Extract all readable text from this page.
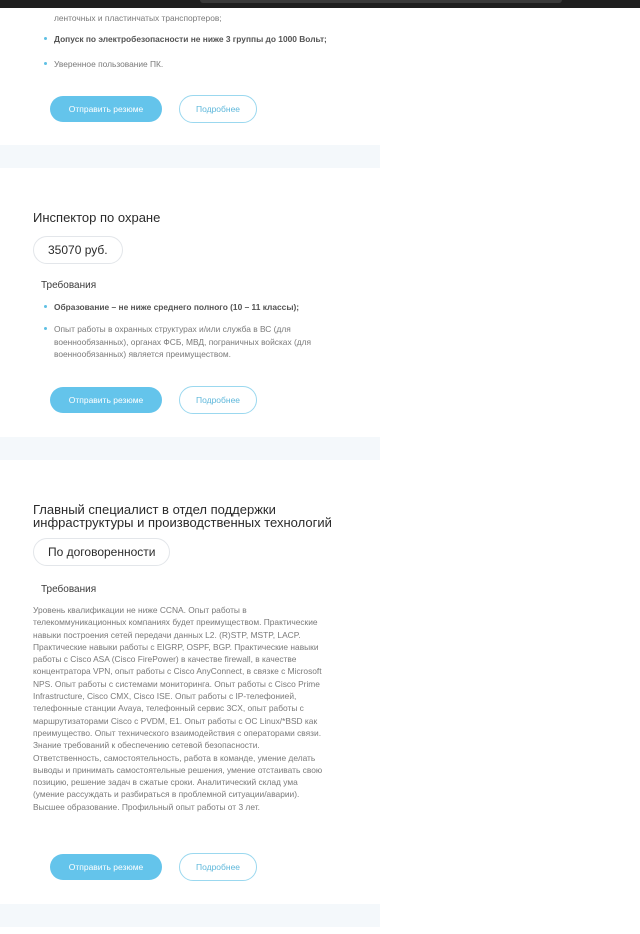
ленточных и пластинчатых транспортеров;
Допуск по электробезопасности не ниже 3 группы до 1000 Вольт;
Уверенное пользование ПК.
Отправить резюме	Подробнее
Инспектор по охране
35070 руб.
Требования
Образование – не ниже среднего полного (10 – 11 классы);
Опыт работы в охранных структурах и/или служба в ВС (для военнообязанных), органах ФСБ, МВД, пограничных войсках (для военнообязанных) является преимуществом.
Отправить резюме	Подробнее
Главный специалист в отдел поддержки инфраструктуры и производственных технологий
По договоренности
Требования

Уровень квалификации не ниже CCNA. Опыт работы в телекоммуникационных компаниях будет преимуществом. Практические навыки построения сетей передачи данных L2. (R)STP, MSTP, LACP. Практические навыки работы с EIGRP, OSPF, BGP. Практические навыки работы с Cisco ASA (Cisco FirePower) в качестве firewall, в качестве концентратора VPN, опыт работы с Cisco AnyConnect, в связке с Microsoft NPS. Опыт работы с системами мониторинга. Опыт работы с Cisco Prime Infrastructure, Cisco CMX, Cisco ISE. Опыт работы с IP-телефонией, телефонные станции Avaya, телефонный сервис 3CX, опыт работы с маршрутизаторами Cisco с PVDM, E1. Опыт работы с ОС Linux/*BSD как преимущество. Опыт технического взаимодействия с операторами связи. Знание требований к обеспечению сетевой безопасности. Ответственность, самостоятельность, работа в команде, умение делать выводы и принимать самостоятельные решения, умение отстаивать свою позицию, решение задач в сжатые сроки. Аналитический склад ума (умение рассуждать и разбираться в проблемной ситуации/аварии). Высшее образование. Профильный опыт работы от 3 лет.

Отправить резюме	Подробнее
